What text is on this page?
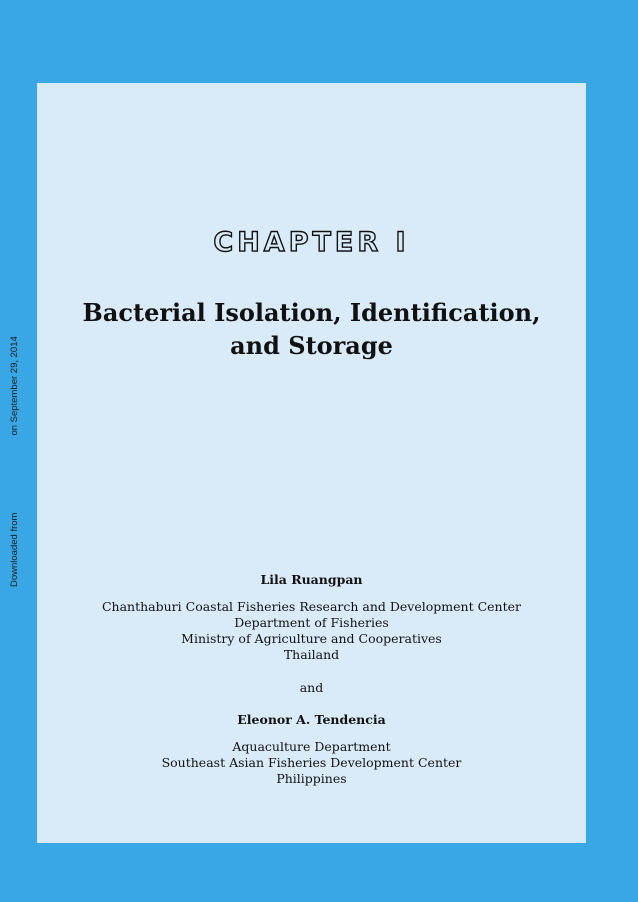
Downloaded fromon September 29, 2014
CHAPTER I
Bacterial Isolation, Identification,
and Storage
Lila Ruangpan
Chanthaburi Coastal Fisheries Research and Development Center
Department of Fisheries
Ministry of Agriculture and Cooperatives
Thailand
and
Eleonor A. Tendencia
Aquaculture Department
Southeast Asian Fisheries Development Center
Philippines
